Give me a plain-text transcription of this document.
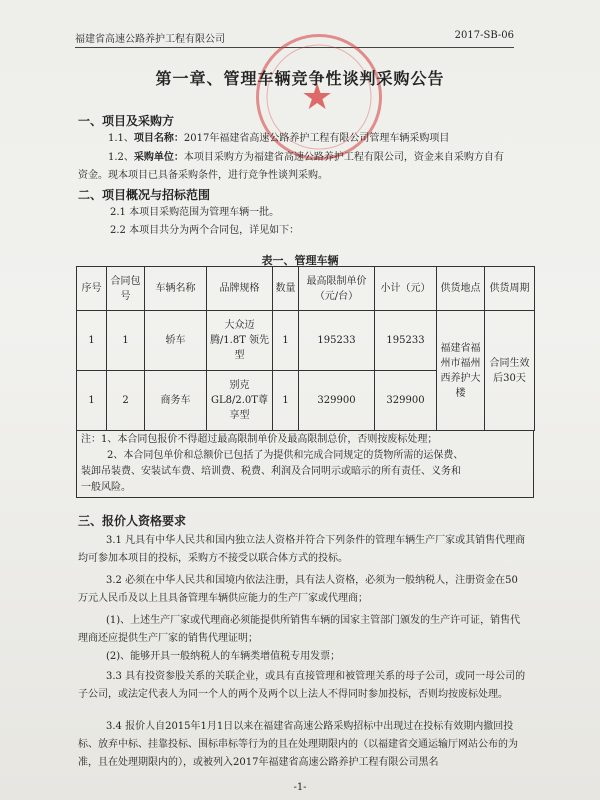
福建省高速公路养护工程有限公司	2017-SB-06
★
第一章、管理车辆竞争性谈判采购公告
一、项目及采购方
1.1、项目名称：2017年福建省高速公路养护工程有限公司管理车辆采购项目
1.2、采购单位：本项目采购方为福建省高速公路养护工程有限公司，资金来自采购方自有
资金。现本项目已具备采购条件，进行竞争性谈判采购。
二、项目概况与招标范围
2.1 本项目采购范围为管理车辆一批。
2.2 本项目共分为两个合同包，详见如下：
表一、管理车辆
序号	合同包号	车辆名称	品牌规格	数量	最高限制单价（元/台）	小计（元）	供货地点	供货周期
1	1	轿车	大众迈腾/1.8T 领先型	1	195233	195233	福建省福州市福州西养护大楼	合同生效后30天
1	2	商务车	别克GL8/2.0T尊享型	1	329900	329900		
注：1、本合同包报价不得超过最高限制单价及最高限制总价，否则按废标处理；
2、本合同包单价和总额价已包括了为提供和完成合同规定的货物所需的运保费、
装卸吊装费、安装试车费、培训费、税费、利润及合同明示或暗示的所有责任、义务和
一般风险。
三、报价人资格要求
3.1 凡具有中华人民共和国内独立法人资格并符合下列条件的管理车辆生产厂家或其销售代理商均可参加本项目的投标，采购方不接受以联合体方式的投标。
3.2 必须在中华人民共和国境内依法注册，具有法人资格，必须为一般纳税人，注册资金在50万元人民币及以上且具备管理车辆供应能力的生产厂家或代理商；
(1)、上述生产厂家或代理商必须能提供所销售车辆的国家主管部门颁发的生产许可证，销售代理商还应提供生产厂家的销售代理证明；
(2)、能够开具一般纳税人的车辆类增值税专用发票；
3.3 具有投资参股关系的关联企业，或具有直接管理和被管理关系的母子公司，或同一母公司的子公司，或法定代表人为同一个人的两个及两个以上法人不得同时参加投标，否则均按废标处理。
3.4 报价人自2015年1月1日以来在福建省高速公路采购招标中出现过在投标有效期内撤回投标、放弃中标、挂靠投标、围标串标等行为的且在处理期限内的（以福建省交通运输厅网站公布的为准，且在处理期限内的），或被列入2017年福建省高速公路养护工程有限公司黑名
-1-
